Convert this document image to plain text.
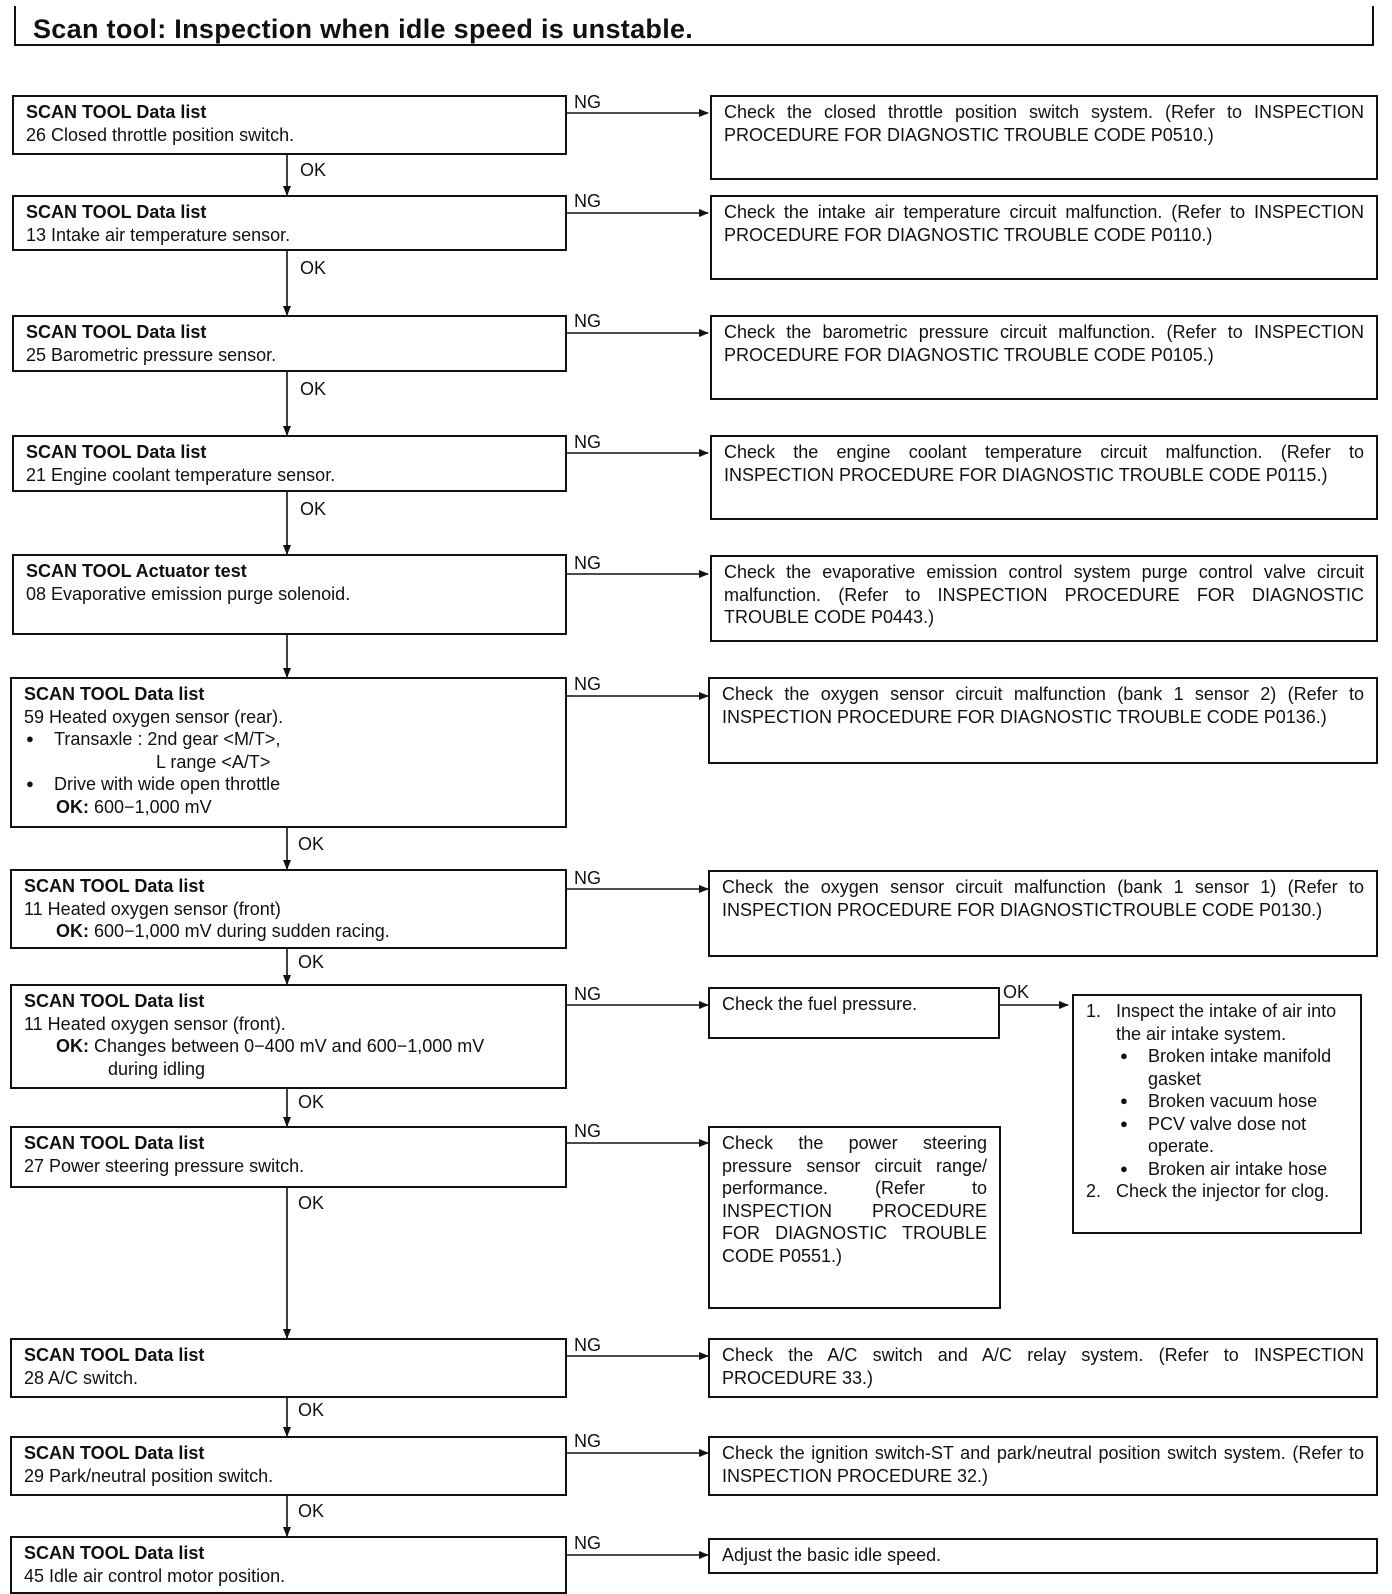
Scan tool: Inspection when idle speed is unstable.
NG
NG
NG
NG
NG
NG
NG
NG
NG
NG
NG
NG
OK
OK
OK
OK
OK
OK
OK
OK
OK
OK
OK
SCAN TOOL Data list
26 Closed throttle position switch.
SCAN TOOL Data list
13 Intake air temperature sensor.
SCAN TOOL Data list
25 Barometric pressure sensor.
SCAN TOOL Data list
21 Engine coolant temperature sensor.
SCAN TOOL Actuator test
08 Evaporative emission purge solenoid.
SCAN TOOL Data list
59 Heated oxygen sensor (rear).
● Transaxle : 2nd gear <M/T>,
L range <A/T>
● Drive with wide open throttle
OK: 600−1,000 mV
SCAN TOOL Data list
11 Heated oxygen sensor (front)
OK: 600−1,000 mV during sudden racing.
SCAN TOOL Data list
11 Heated oxygen sensor (front).
OK: Changes between 0−400 mV and 600−1,000 mV
during idling
SCAN TOOL Data list
27 Power steering pressure switch.
SCAN TOOL Data list
28 A/C switch.
SCAN TOOL Data list
29 Park/neutral position switch.
SCAN TOOL Data list
45 Idle air control motor position.
Check the closed throttle position switch system. (Refer to INSPECTION PROCEDURE FOR DIAGNOSTIC TROUBLE CODE P0510.)
Check the intake air temperature circuit malfunction. (Refer to INSPECTION PROCEDURE FOR DIAGNOSTIC TROUBLE CODE P0110.)
Check the barometric pressure circuit malfunction. (Refer to INSPECTION PROCEDURE FOR DIAGNOSTIC TROUBLE CODE P0105.)
Check the engine coolant temperature circuit malfunction. (Refer to INSPECTION PROCEDURE FOR DIAGNOSTIC TROUBLE CODE P0115.)
Check the evaporative emission control system purge control valve circuit malfunction. (Refer to INSPECTION PROCEDURE FOR DIAGNOSTIC TROUBLE CODE P0443.)
Check the oxygen sensor circuit malfunction (bank 1 sensor 2) (Refer to INSPECTION PROCEDURE FOR DIAGNOSTIC TROUBLE CODE P0136.)
Check the oxygen sensor circuit malfunction (bank 1 sensor 1) (Refer to INSPECTION PROCEDURE FOR DIAGNOSTICTROUBLE CODE P0130.)
Check the fuel pressure.
Check the power steering pressure sensor circuit range/ performance. (Refer to INSPECTION PROCEDURE FOR DIAGNOSTIC TROUBLE CODE P0551.)
Check the A/C switch and A/C relay system. (Refer to INSPECTION PROCEDURE 33.)
Check the ignition switch-ST and park/neutral position switch system. (Refer to INSPECTION PROCEDURE 32.)
Adjust the basic idle speed.
1. Inspect the intake of air into the air intake system.
● Broken intake manifold gasket
● Broken vacuum hose
● PCV valve dose not operate.
● Broken air intake hose
2. Check the injector for clog.
